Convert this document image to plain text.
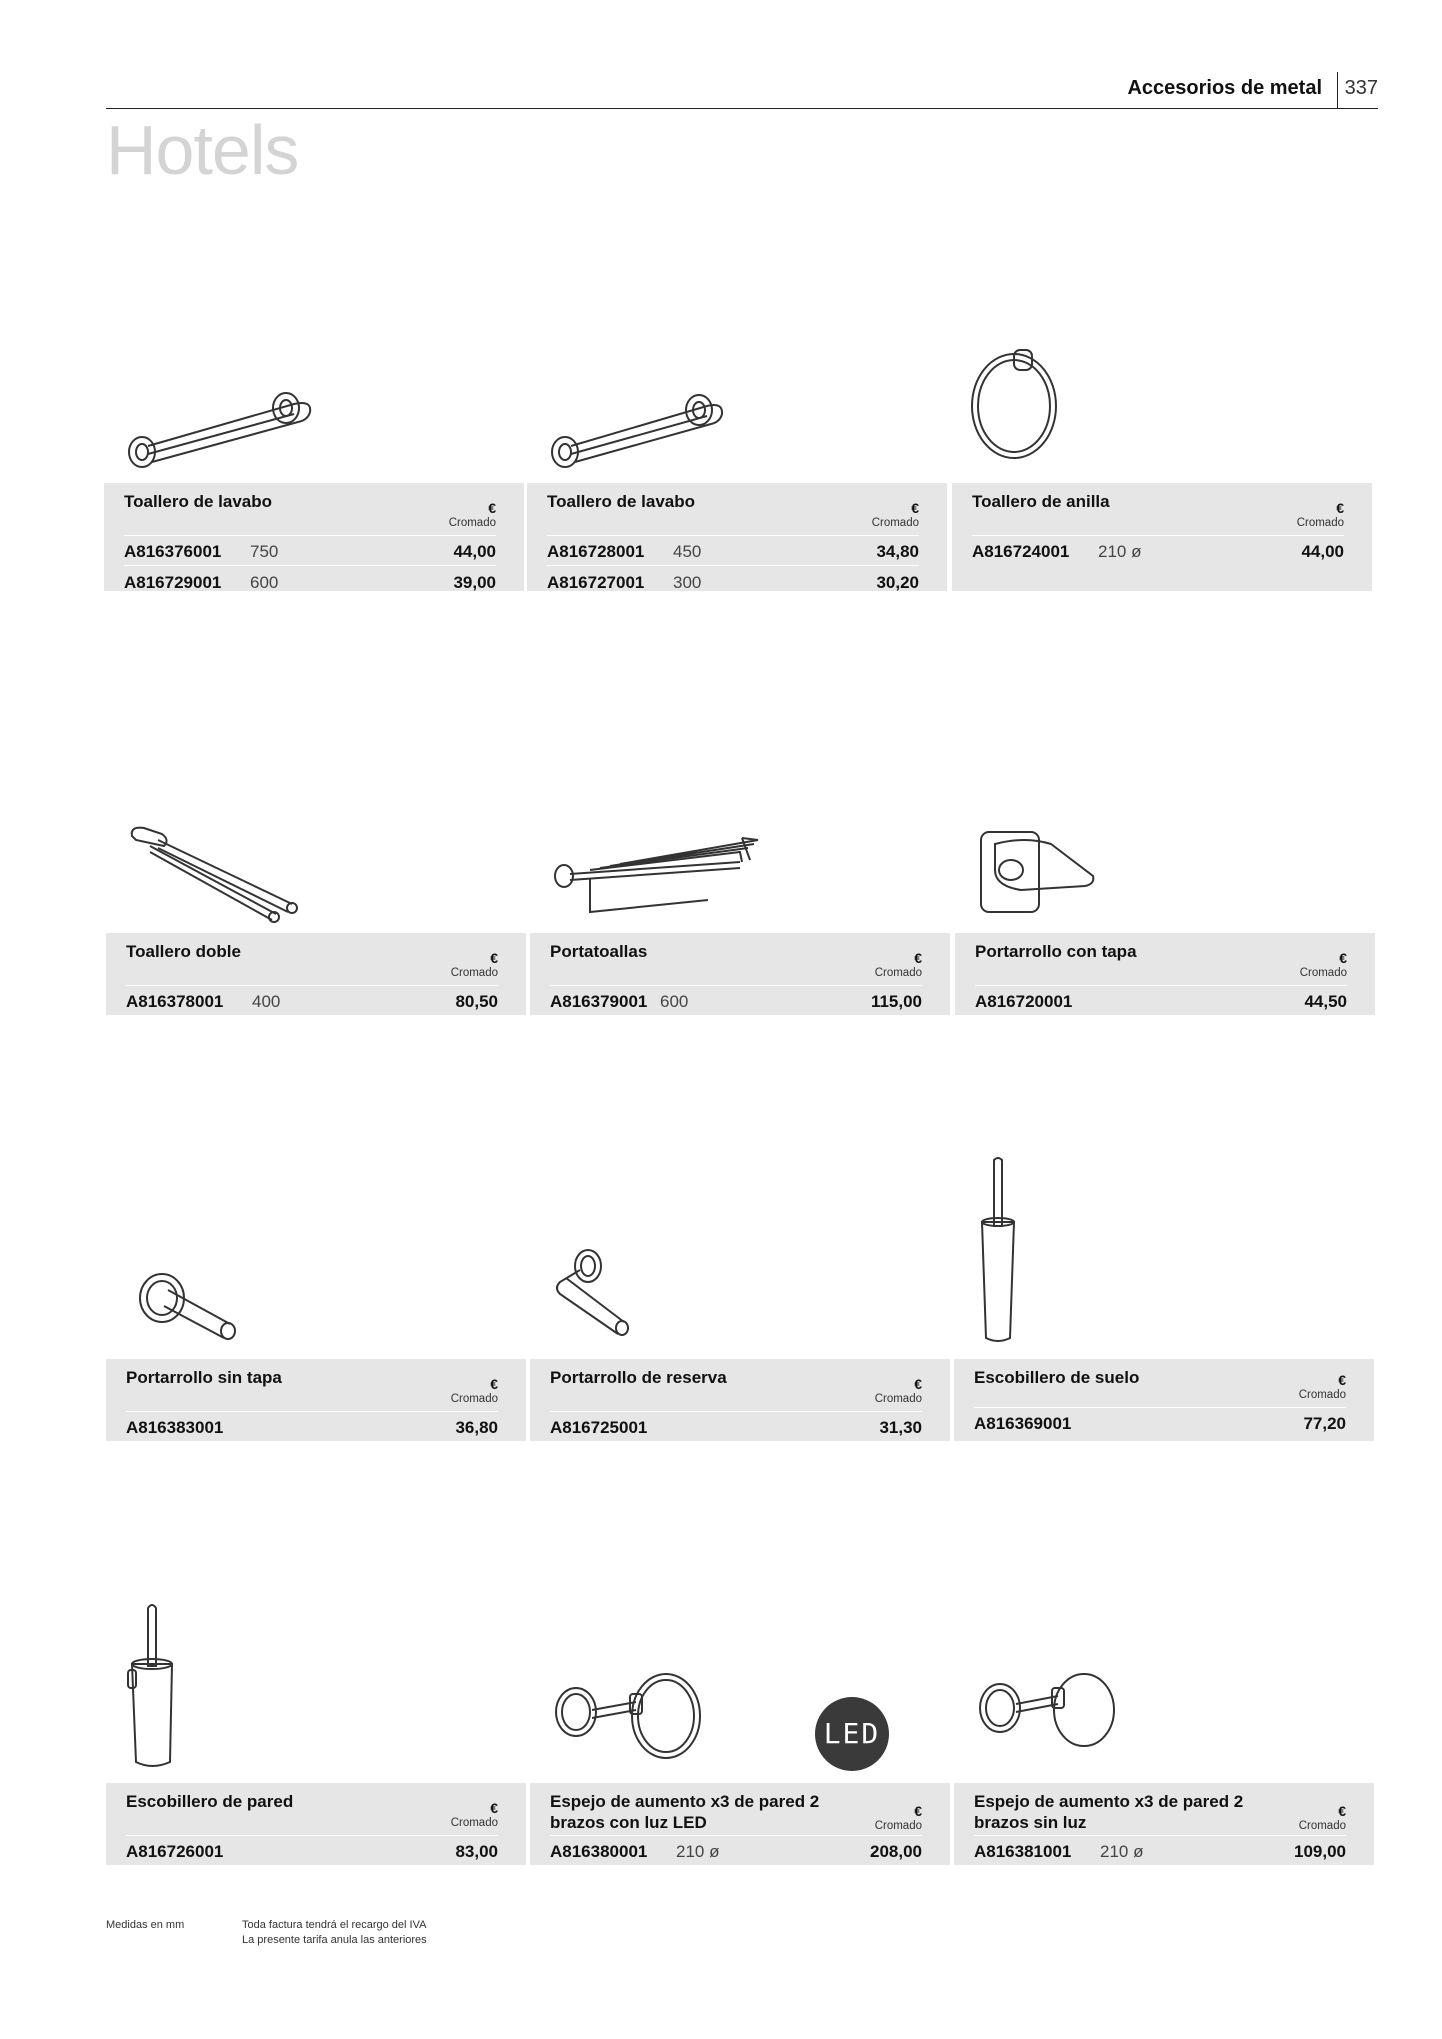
Accesorios de metal 337
Hotels
Toallero de lavabo	€
Cromado
A816376001 750	44,00
A816729001 600	39,00
Toallero de lavabo	€
Cromado
A816728001 450	34,80
A816727001 300	30,20
Toallero de anilla	€
Cromado
A816724001 210 ø	44,00
Toallero doble	€
Cromado
A816378001 400	80,50
Portatoallas	€
Cromado
A816379001 600	115,00
Portarrollo con tapa	€
Cromado
A816720001	44,50
Portarrollo sin tapa	€
Cromado
A816383001	36,80
Portarrollo de reserva	€
Cromado
A816725001	31,30
Escobillero de suelo	€
Cromado
A816369001	77,20
Escobillero de pared	€
Cromado
A816726001	83,00
Espejo de aumento x3 de pared 2 brazos con luz LED
€
Cromado
A816380001 210 ø	208,00
LED
Espejo de aumento x3 de pared 2 brazos sin luz
€
Cromado
A816381001 210 ø	109,00
Medidas en mm	Toda factura tendrá el recargo del IVA
La presente tarifa anula las anteriores
